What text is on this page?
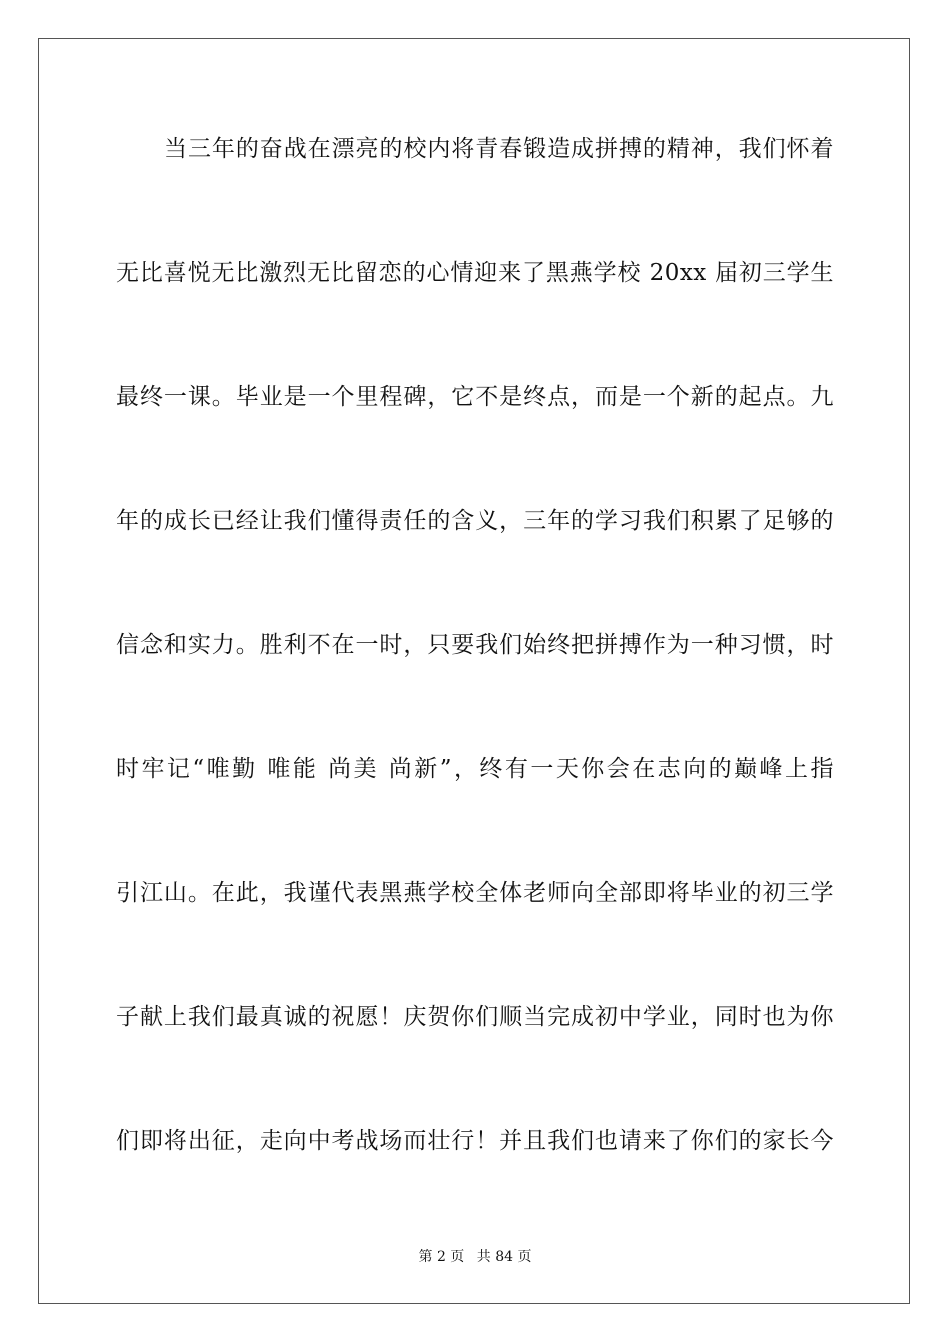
当三年的奋战在漂亮的校内将青春锻造成拼搏的精神，我们怀着
无比喜悦无比激烈无比留恋的心情迎来了黑燕学校 20xx 届初三学生
最终一课。毕业是一个里程碑，它不是终点，而是一个新的起点。九
年的成长已经让我们懂得责任的含义，三年的学习我们积累了足够的
信念和实力。胜利不在一时，只要我们始终把拼搏作为一种习惯，时
时牢记“唯勤 唯能 尚美 尚新”，终有一天你会在志向的巅峰上指
引江山。在此，我谨代表黑燕学校全体老师向全部即将毕业的初三学
子献上我们最真诚的祝愿！庆贺你们顺当完成初中学业，同时也为你
们即将出征，走向中考战场而壮行！并且我们也请来了你们的家长今
第 2 页 共 84 页
